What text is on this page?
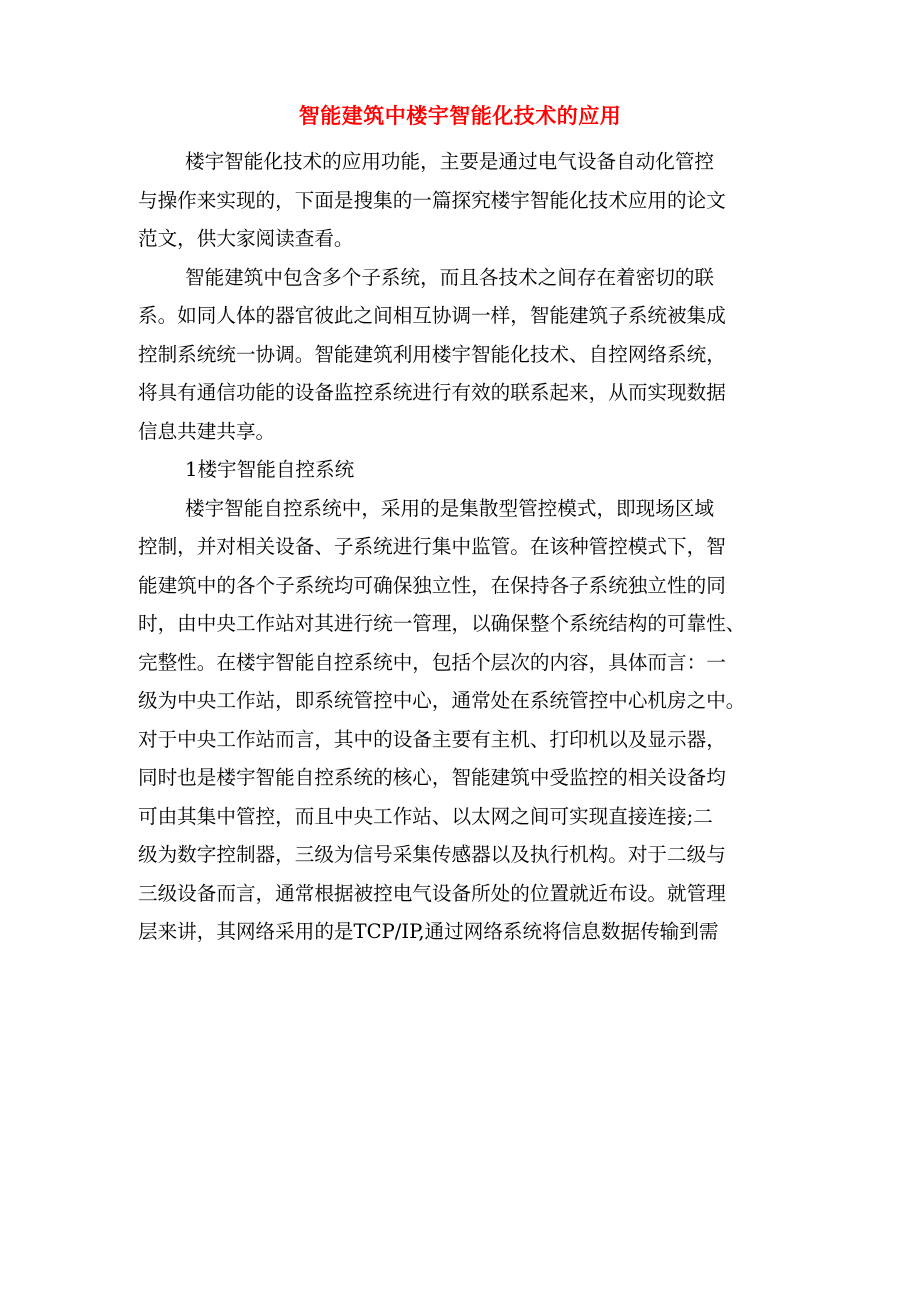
智能建筑中楼宇智能化技术的应用
楼宇智能化技术的应用功能，主要是通过电气设备自动化管控
与操作来实现的，下面是搜集的一篇探究楼宇智能化技术应用的论文
范文，供大家阅读查看。
智能建筑中包含多个子系统，而且各技术之间存在着密切的联
系。如同人体的器官彼此之间相互协调一样，智能建筑子系统被集成
控制系统统一协调。智能建筑利用楼宇智能化技术、自控网络系统，
将具有通信功能的设备监控系统进行有效的联系起来，从而实现数据
信息共建共享。
1楼宇智能自控系统
楼宇智能自控系统中，采用的是集散型管控模式，即现场区域
控制，并对相关设备、子系统进行集中监管。在该种管控模式下，智
能建筑中的各个子系统均可确保独立性，在保持各子系统独立性的同
时，由中央工作站对其进行统一管理，以确保整个系统结构的可靠性、
完整性。在楼宇智能自控系统中，包括个层次的内容，具体而言：一
级为中央工作站，即系统管控中心，通常处在系统管控中心机房之中。
对于中央工作站而言，其中的设备主要有主机、打印机以及显示器，
同时也是楼宇智能自控系统的核心，智能建筑中受监控的相关设备均
可由其集中管控，而且中央工作站、以太网之间可实现直接连接;二
级为数字控制器，三级为信号采集传感器以及执行机构。对于二级与
三级设备而言，通常根据被控电气设备所处的位置就近布设。就管理
层来讲，其网络采用的是TCP/IP,通过网络系统将信息数据传输到需
